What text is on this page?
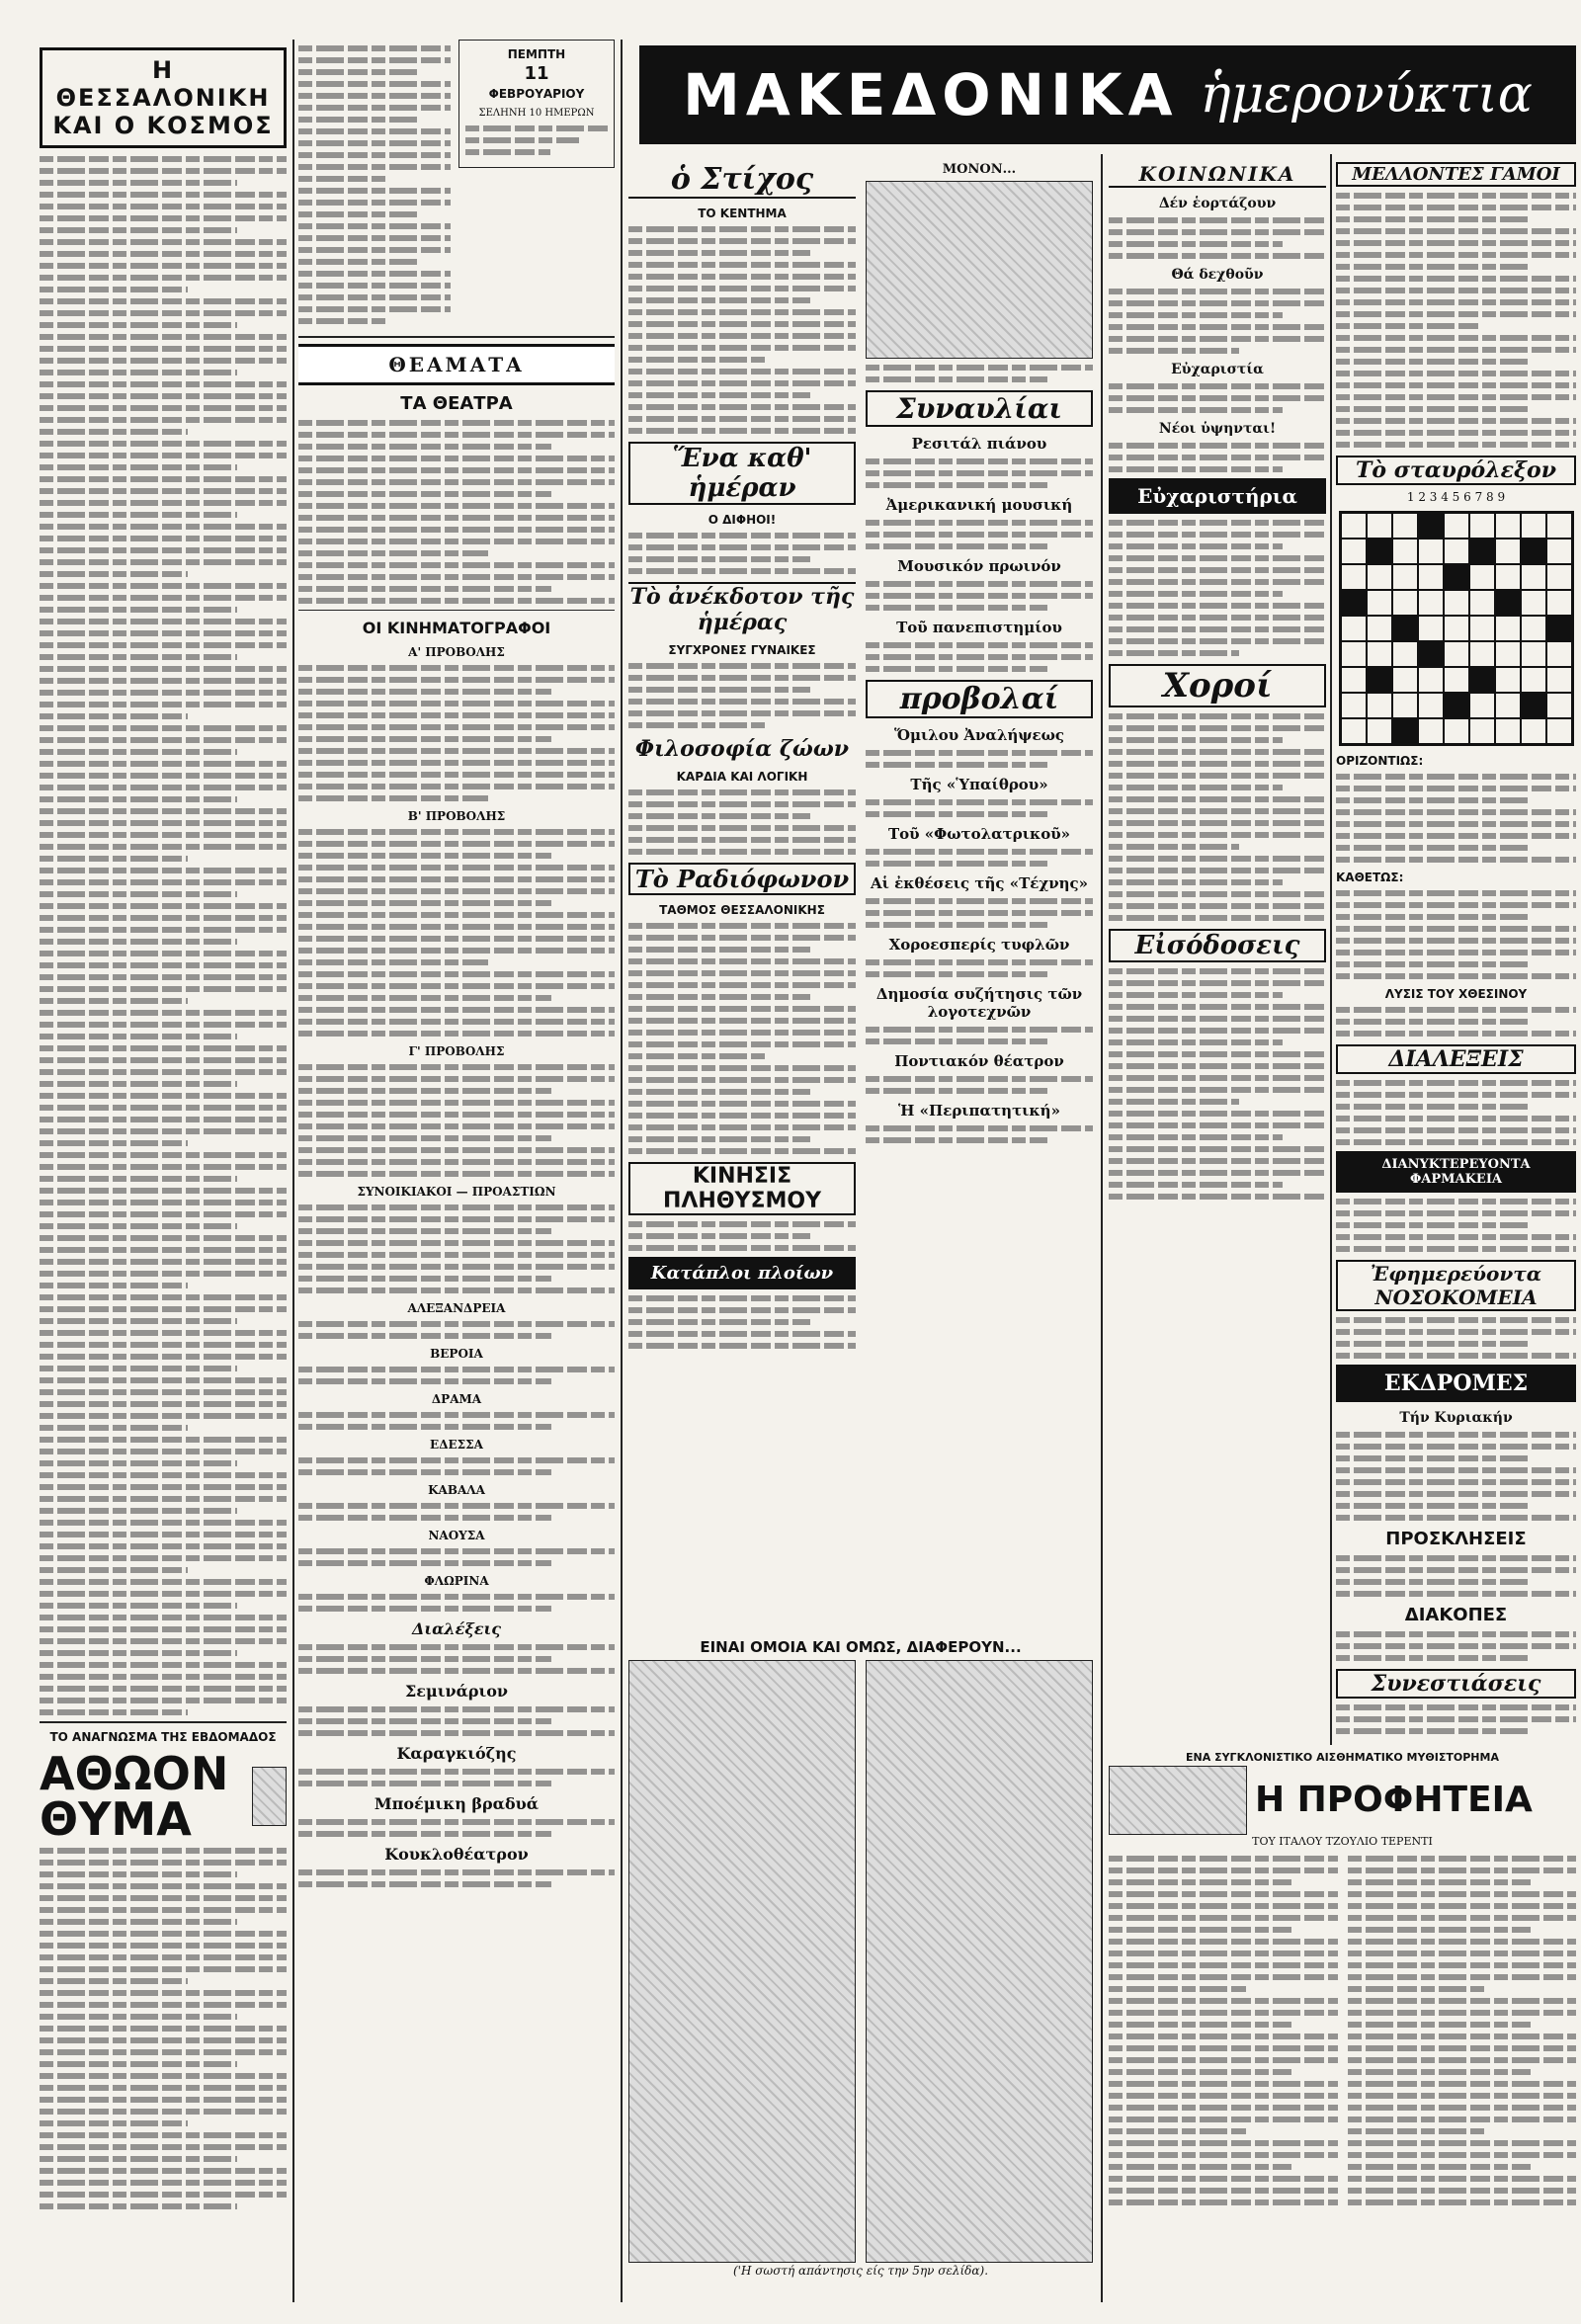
Η ΘΕΣΣΑΛΟΝΙΚΗ
ΚΑΙ Ο ΚΟΣΜΟΣ
ΤΟ ΑΝΑΓΝΩΣΜΑ ΤΗΣ ΕΒΔΟΜΑΔΟΣ
ΑΘΩΟΝ ΘΥΜΑ
ΠΕΜΠΤΗ
11
ΦΕΒΡΟΥΑΡΙΟΥ
ΣΕΛΗΝΗ 10 ΗΜΕΡΩΝ
ΘΕΑΜΑΤΑ
ΤΑ ΘΕΑΤΡΑ
ΟΙ ΚΙΝΗΜΑΤΟΓΡΑΦΟΙ
Α' ΠΡΟΒΟΛΗΣ
Β' ΠΡΟΒΟΛΗΣ
Γ' ΠΡΟΒΟΛΗΣ
ΣΥΝΟΙΚΙΑΚΟΙ — ΠΡΟΑΣΤΙΩΝ
ΑΛΕΞΑΝΔΡΕΙΑ
ΒΕΡΟΙΑ
ΔΡΑΜΑ
ΕΔΕΣΣΑ
ΚΑΒΑΛΑ
ΝΑΟΥΣΑ
ΦΛΩΡΙΝΑ
Διαλέξεις
Σεμινάριον
Καραγκιόζης
Μποέμικη βραδυά
Κουκλοθέατρον
ΜΑΚΕΔΟΝΙΚΑ ἡμερονύκτια
ὁ Στίχος
ΤΟ ΚΕΝΤΗΜΑ
Ἕνα καθ' ἡμέραν
Ο ΔΙΦΗΟΙ!
Τὸ ἀνέκδοτον τῆς ἡμέρας
ΣΥΓΧΡΟΝΕΣ ΓΥΝΑΙΚΕΣ
Φιλοσοφία ζώων
ΚΑΡΔΙΑ ΚΑΙ ΛΟΓΙΚΗ
Τὸ Ραδιόφωνον
ΤΑΘΜΟΣ ΘΕΣΣΑΛΟΝΙΚΗΣ
ΚΙΝΗΣΙΣ ΠΛΗΘΥΣΜΟΥ
Κατάπλοι πλοίων
ΜΟΝΟΝ...
Συναυλίαι
Ρεσιτάλ πιάνου
Ἀμερικανική μουσική
Μουσικόν πρωινόν
Τοῦ πανεπιστημίου
προβολαί
Ὅμιλου Ἀναλήψεως
Τῆς «Ὑπαίθρου»
Τοῦ «Φωτολατρικοῦ»
Αἱ ἐκθέσεις τῆς «Τέχνης»
Χοροεσπερίς τυφλῶν
Δημοσία συζήτησις τῶν λογοτεχνῶν
Ποντιακόν θέατρον
Ἡ «Περιπατητική»
ΕΙΝΑΙ ΟΜΟΙΑ ΚΑΙ ΟΜΩΣ, ΔΙΑΦΕΡΟΥΝ...
('Η σωστή απάντησις είς την 5ην σελίδα).
ΚΟΙΝΩΝΙΚΑ
Δέν ἑορτάζουν
Θά δεχθοῦν
Εὐχαριστία
Νέοι ὑψηνται!
Εὐχαριστήρια
Χοροί
Εἰσόδοσεις
ΜΕΛΛΟΝΤΕΣ ΓΑΜΟΙ
Τὸ σταυρόλεξον
1 2 3 4 5 6 7 8 9
ΟΡΙΖΟΝΤΙΩΣ:
ΚΑΘΕΤΩΣ:
ΛΥΣΙΣ ΤΟΥ ΧΘΕΣΙΝΟΥ
ΔΙΑΛΕΞΕΙΣ
ΔΙΑΝΥΚΤΕΡΕΥΟΝΤΑ ΦΑΡΜΑΚΕΙΑ
Ἐφημερεύοντα ΝΟΣΟΚΟΜΕΙΑ
ΕΚΔΡΟΜΕΣ
Τήν Κυριακήν
ΠΡΟΣΚΛΗΣΕΙΣ
ΔΙΑΚΟΠΕΣ
Συνεστιάσεις
ΕΝΑ ΣΥΓΚΛΟΝΙΣΤΙΚΟ ΑΙΣΘΗΜΑΤΙΚΟ ΜΥΘΙΣΤΟΡΗΜΑ
Η ΠΡΟΦΗΤΕΙΑ
ΤΟΥ ΙΤΑΛΟΥ ΤΖΟΥΛΙΟ ΤΕΡΕΝΤΙ
